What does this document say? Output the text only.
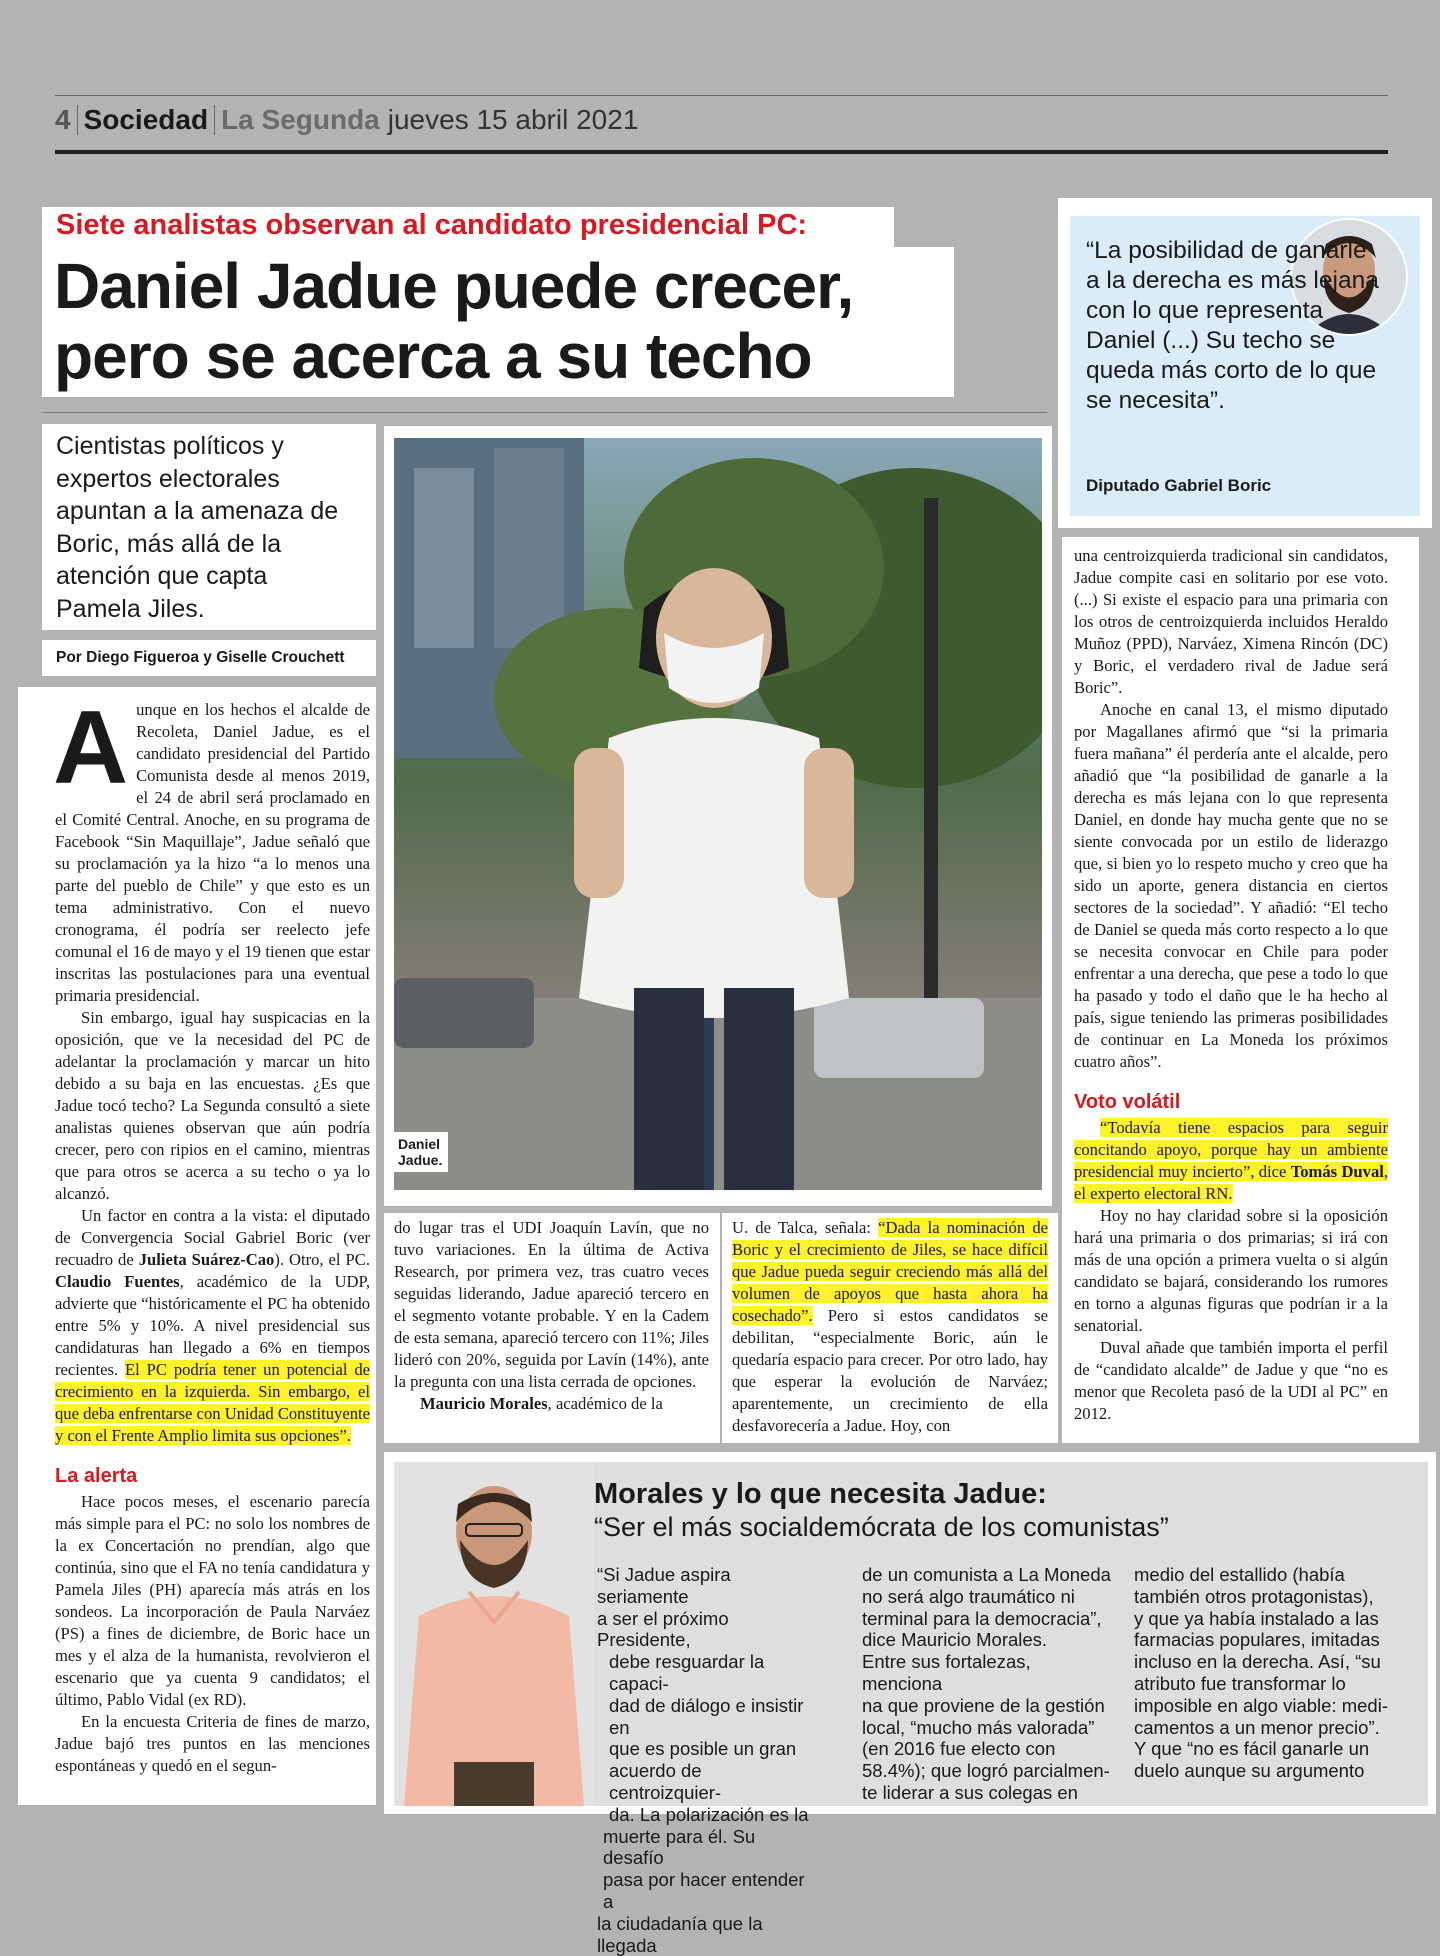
4 Sociedad La Segunda jueves 15 abril 2021
Siete analistas observan al candidato presidencial PC:
Daniel Jadue puede crecer,
pero se acerca a su techo
Cientistas políticos y expertos electorales apuntan a la amenaza de Boric, más allá de la atención que capta Pamela Jiles.
Por Diego Figueroa y Giselle Crouchett
A unque en los hechos el alcalde de Recoleta, Daniel Jadue, es el candidato presidencial del Partido Comunista desde al menos 2019, el 24 de abril será proclamado en el Comité Central. Anoche, en su programa de Facebook “Sin Maquillaje”, Jadue señaló que su proclamación ya la hizo “a lo menos una parte del pueblo de Chile” y que esto es un tema administrativo. Con el nuevo cronograma, él podría ser reelecto jefe comunal el 16 de mayo y el 19 tienen que estar inscritas las postulaciones para una eventual primaria presidencial.

Sin embargo, igual hay suspicacias en la oposición, que ve la necesidad del PC de adelantar la proclamación y marcar un hito debido a su baja en las encuestas. ¿Es que Jadue tocó techo? La Segunda consultó a siete analistas quienes observan que aún podría crecer, pero con ripios en el camino, mientras que para otros se acerca a su techo o ya lo alcanzó.

Un factor en contra a la vista: el diputado de Convergencia Social Gabriel Boric (ver recuadro de Julieta Suárez-Cao). Otro, el PC. Claudio Fuentes, académico de la UDP, advierte que “históricamente el PC ha obtenido entre 5% y 10%. A nivel presidencial sus candidaturas han llegado a 6% en tiempos recientes. El PC podría tener un potencial de crecimiento en la izquierda. Sin embargo, el que deba enfrentarse con Unidad Constituyente y con el Frente Amplio limita sus opciones”.

La alerta

Hace pocos meses, el escenario parecía más simple para el PC: no solo los nombres de la ex Concertación no prendían, algo que continúa, sino que el FA no tenía candidatura y Pamela Jiles (PH) aparecía más atrás en los sondeos. La incorporación de Paula Narváez (PS) a fines de diciembre, de Boric hace un mes y el alza de la humanista, revolvieron el escenario que ya cuenta 9 candidatos; el último, Pablo Vidal (ex RD).

En la encuesta Criteria de fines de marzo, Jadue bajó tres puntos en las menciones espontáneas y quedó en el segun-

Daniel
Jadue.

do lugar tras el UDI Joaquín Lavín, que no tuvo variaciones. En la última de Activa Research, por primera vez, tras cuatro veces seguidas liderando, Jadue apareció tercero en el segmento votante probable. Y en la Cadem de esta semana, apareció tercero con 11%; Jiles lideró con 20%, seguida por Lavín (14%), ante la pregunta con una lista cerrada de opciones.

Mauricio Morales, académico de la

U. de Talca, señala: “Dada la nominación de Boric y el crecimiento de Jiles, se hace difícil que Jadue pueda seguir creciendo más allá del volumen de apoyos que hasta ahora ha cosechado”. Pero si estos candidatos se debilitan, “especialmente Boric, aún le quedaría espacio para crecer. Por otro lado, hay que esperar la evolución de Narváez; aparentemente, un crecimiento de ella desfavorecería a Jadue. Hoy, con

“La posibilidad de ganarle a la derecha es más lejana con lo que representa Daniel (...) Su techo se queda más corto de lo que se necesita”.
Diputado Gabriel Boric

una centroizquierda tradicional sin candidatos, Jadue compite casi en solitario por ese voto. (...) Si existe el espacio para una primaria con los otros de centroizquierda incluidos Heraldo Muñoz (PPD), Narváez, Ximena Rincón (DC) y Boric, el verdadero rival de Jadue será Boric”.

Anoche en canal 13, el mismo diputado por Magallanes afirmó que “si la primaria fuera mañana” él perdería ante el alcalde, pero añadió que “la posibilidad de ganarle a la derecha es más lejana con lo que representa Daniel, en donde hay mucha gente que no se siente convocada por un estilo de liderazgo que, si bien yo lo respeto mucho y creo que ha sido un aporte, genera distancia en ciertos sectores de la sociedad”. Y añadió: “El techo de Daniel se queda más corto respecto a lo que se necesita convocar en Chile para poder enfrentar a una derecha, que pese a todo lo que ha pasado y todo el daño que le ha hecho al país, sigue teniendo las primeras posibilidades de continuar en La Moneda los próximos cuatro años”.

Voto volátil

“Todavía tiene espacios para seguir concitando apoyo, porque hay un ambiente presidencial muy incierto”, dice Tomás Duval, el experto electoral RN.

Hoy no hay claridad sobre si la oposición hará una primaria o dos primarias; si irá con más de una opción a primera vuelta o si algún candidato se bajará, considerando los rumores en torno a algunas figuras que podrían ir a la senatorial.

Duval añade que también importa el perfil de “candidato alcalde” de Jadue y que “no es menor que Recoleta pasó de la UDI al PC” en 2012.

Morales y lo que necesita Jadue:
“Ser el más socialdemócrata de los comunistas”

“Si Jadue aspira seriamente

a ser el próximo Presidente,

debe resguardar la capaci-

dad de diálogo e insistir en

que es posible un gran

acuerdo de centroizquier-

da. La polarización es la

muerte para él. Su desafío

pasa por hacer entender a

la ciudadanía que la llegada

de un comunista a La Moneda

no será algo traumático ni

terminal para la democracia”,

dice Mauricio Morales.

Entre sus fortalezas, menciona

na que proviene de la gestión

local, “mucho más valorada”

(en 2016 fue electo con

58.4%); que logró parcialmen-

te liderar a sus colegas en

medio del estallido (había

también otros protagonistas),

y que ya había instalado a las

farmacias populares, imitadas

incluso en la derecha. Así, “su

atributo fue transformar lo

imposible en algo viable: medi-

camentos a un menor precio”.

Y que “no es fácil ganarle un

duelo aunque su argumento
